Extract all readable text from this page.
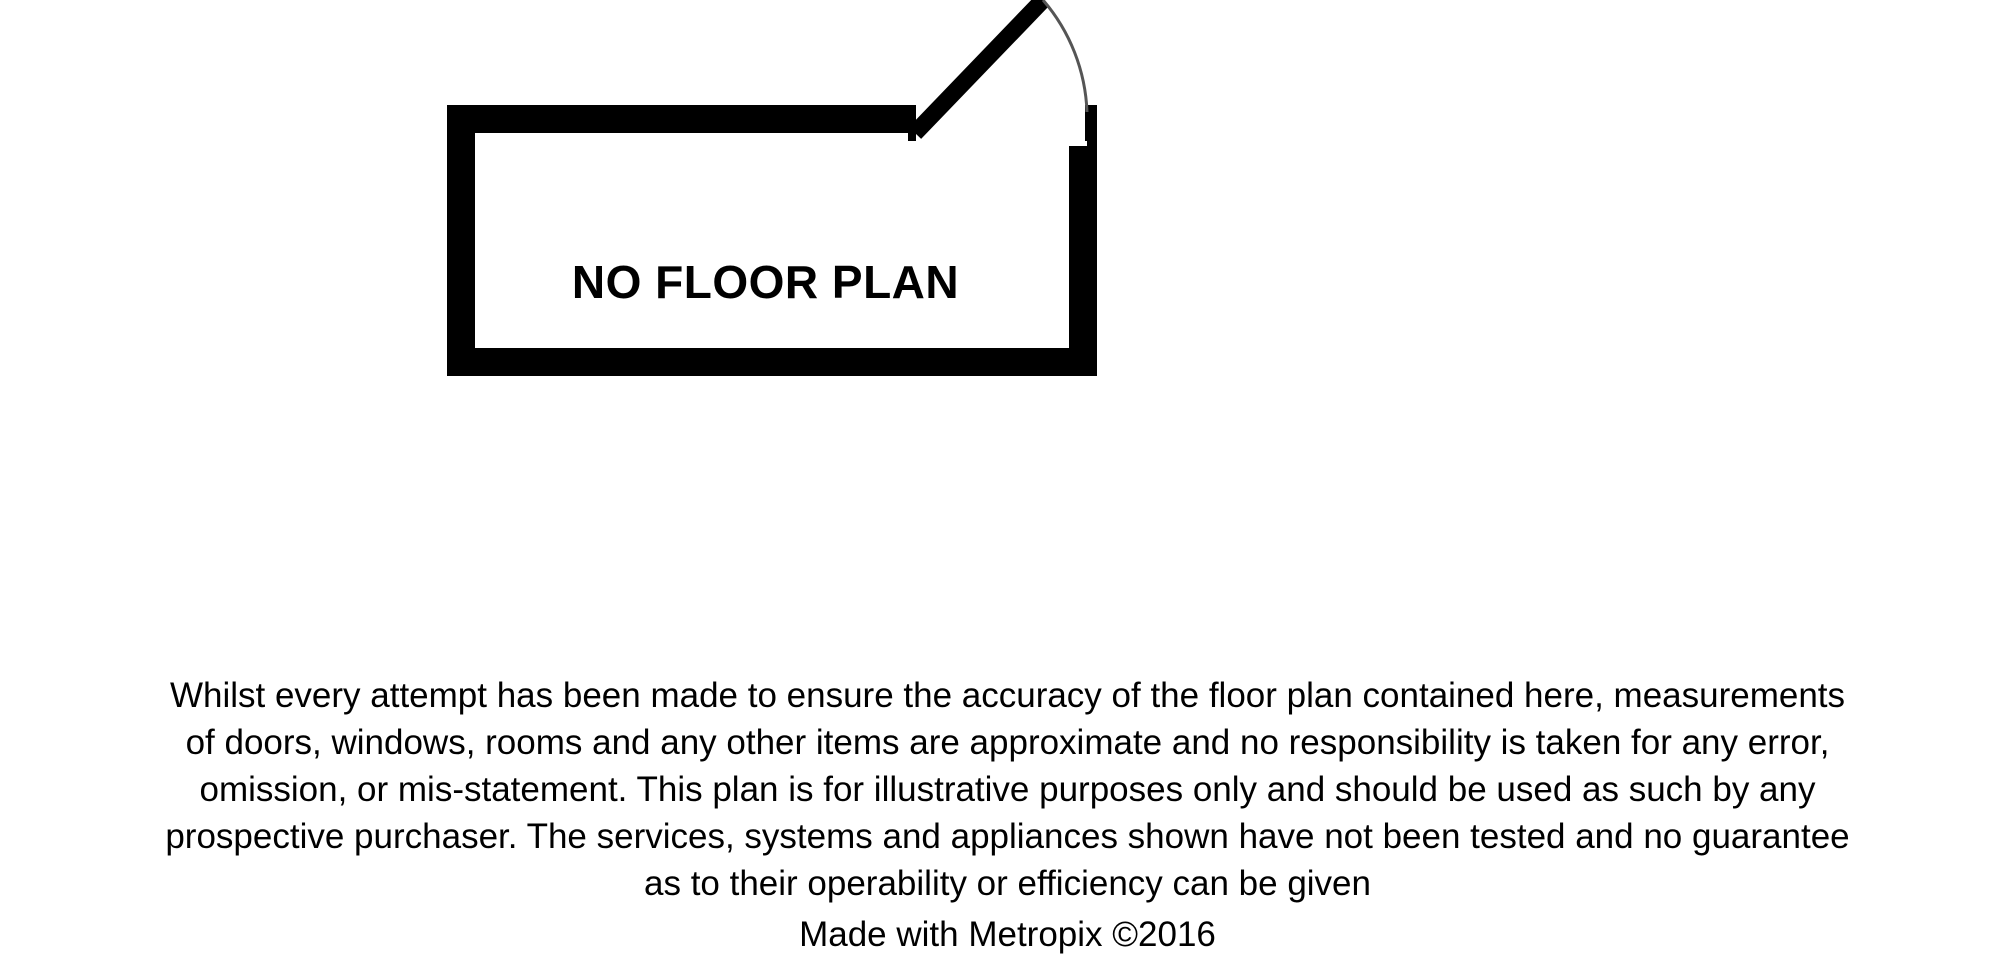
NO FLOOR PLAN
Whilst every attempt has been made to ensure the accuracy of the floor plan contained here, measurements
of doors, windows, rooms and any other items are approximate and no responsibility is taken for any error,
omission, or mis-statement. This plan is for illustrative purposes only and should be used as such by any
prospective purchaser. The services, systems and appliances shown have not been tested and no guarantee
as to their operability or efficiency can be given
Made with Metropix ©2016
